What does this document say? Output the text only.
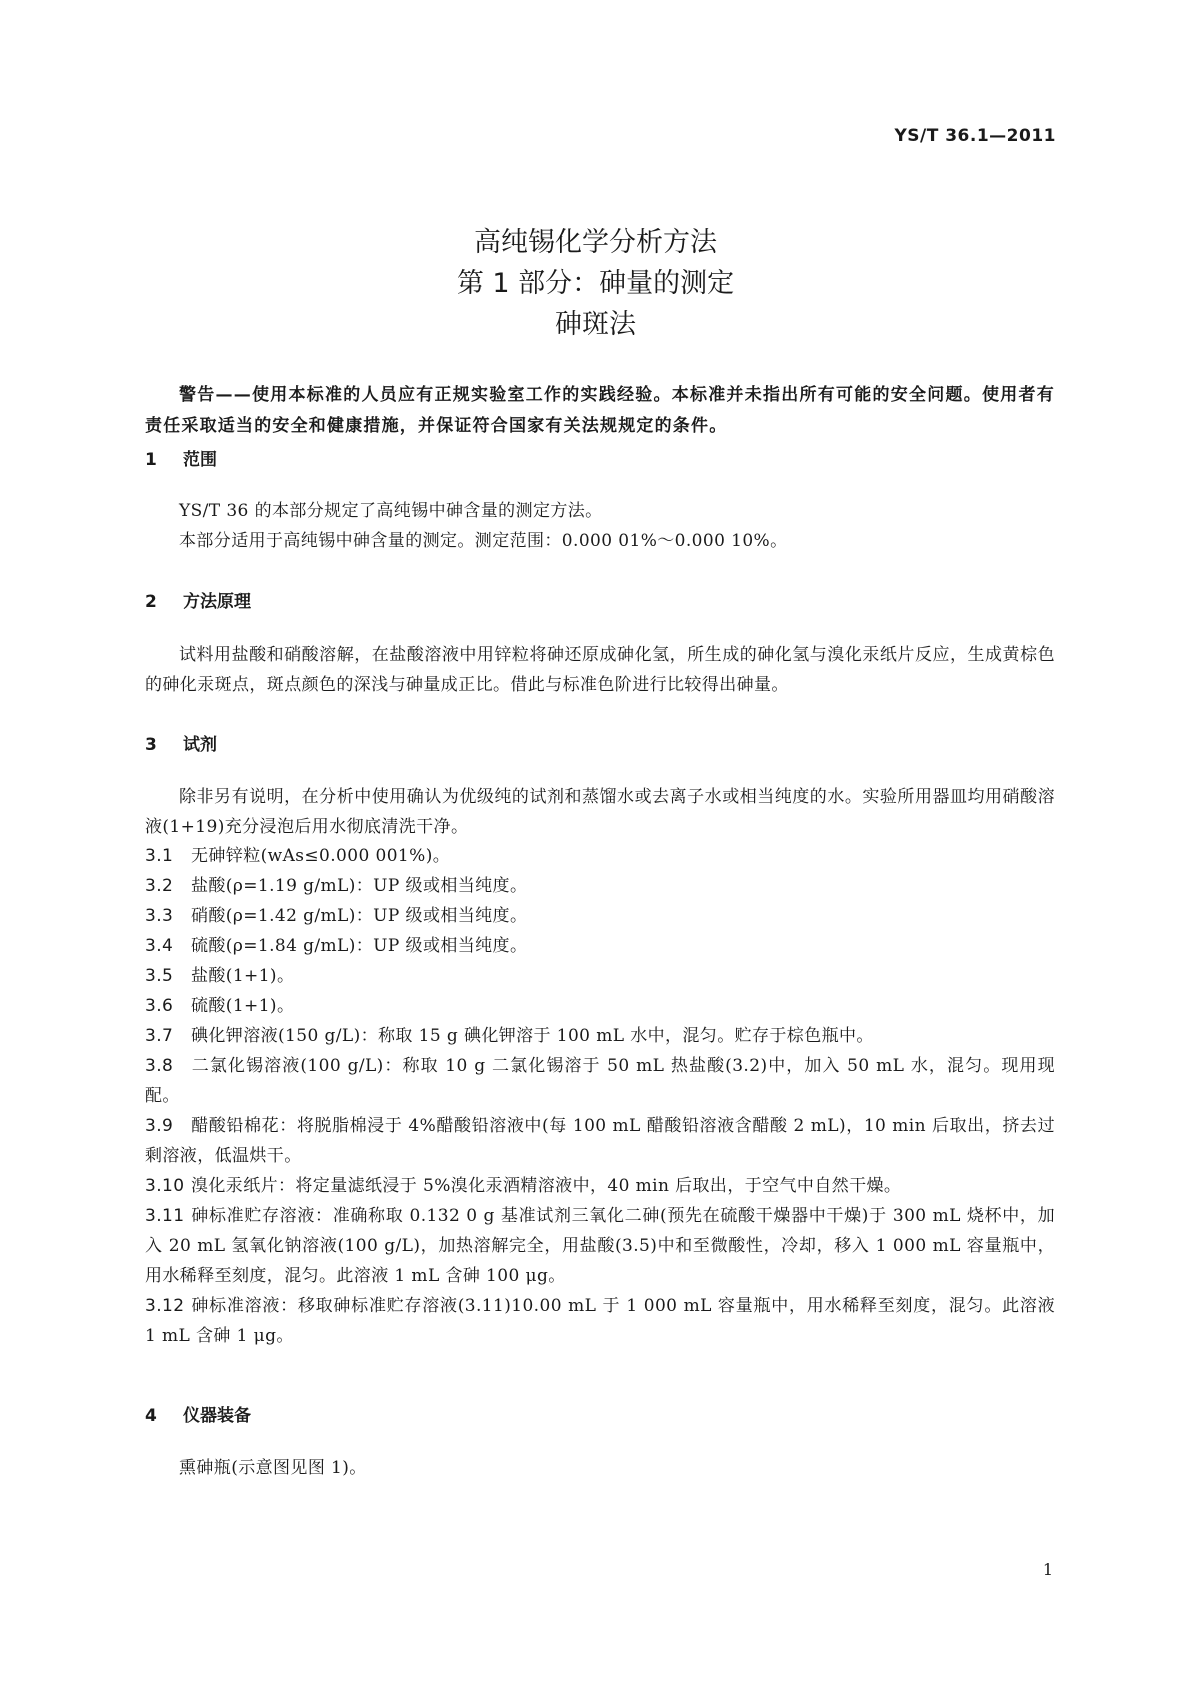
YS/T 36.1—2011
高纯锡化学分析方法
第 1 部分：砷量的测定
砷斑法
警告——使用本标准的人员应有正规实验室工作的实践经验。本标准并未指出所有可能的安全问题。使用者有责任采取适当的安全和健康措施，并保证符合国家有关法规规定的条件。
1 范围
YS/T 36 的本部分规定了高纯锡中砷含量的测定方法。
本部分适用于高纯锡中砷含量的测定。测定范围：0.000 01%～0.000 10%。
2 方法原理
试料用盐酸和硝酸溶解，在盐酸溶液中用锌粒将砷还原成砷化氢，所生成的砷化氢与溴化汞纸片反应，生成黄棕色的砷化汞斑点，斑点颜色的深浅与砷量成正比。借此与标准色阶进行比较得出砷量。
3 试剂
除非另有说明，在分析中使用确认为优级纯的试剂和蒸馏水或去离子水或相当纯度的水。实验所用器皿均用硝酸溶液(1+19)充分浸泡后用水彻底清洗干净。
3.1 无砷锌粒(wAs≤0.000 001%)。
3.2 盐酸(ρ=1.19 g/mL)：UP 级或相当纯度。
3.3 硝酸(ρ=1.42 g/mL)：UP 级或相当纯度。
3.4 硫酸(ρ=1.84 g/mL)：UP 级或相当纯度。
3.5 盐酸(1+1)。
3.6 硫酸(1+1)。
3.7 碘化钾溶液(150 g/L)：称取 15 g 碘化钾溶于 100 mL 水中，混匀。贮存于棕色瓶中。
3.8 二氯化锡溶液(100 g/L)：称取 10 g 二氯化锡溶于 50 mL 热盐酸(3.2)中，加入 50 mL 水，混匀。现用现配。
3.9 醋酸铅棉花：将脱脂棉浸于 4%醋酸铅溶液中(每 100 mL 醋酸铅溶液含醋酸 2 mL)，10 min 后取出，挤去过剩溶液，低温烘干。
3.10 溴化汞纸片：将定量滤纸浸于 5%溴化汞酒精溶液中，40 min 后取出，于空气中自然干燥。
3.11 砷标准贮存溶液：准确称取 0.132 0 g 基准试剂三氧化二砷(预先在硫酸干燥器中干燥)于 300 mL 烧杯中，加入 20 mL 氢氧化钠溶液(100 g/L)，加热溶解完全，用盐酸(3.5)中和至微酸性，冷却，移入 1 000 mL 容量瓶中，用水稀释至刻度，混匀。此溶液 1 mL 含砷 100 μg。
3.12 砷标准溶液：移取砷标准贮存溶液(3.11)10.00 mL 于 1 000 mL 容量瓶中，用水稀释至刻度，混匀。此溶液 1 mL 含砷 1 μg。
4 仪器装备
熏砷瓶(示意图见图 1)。
1
